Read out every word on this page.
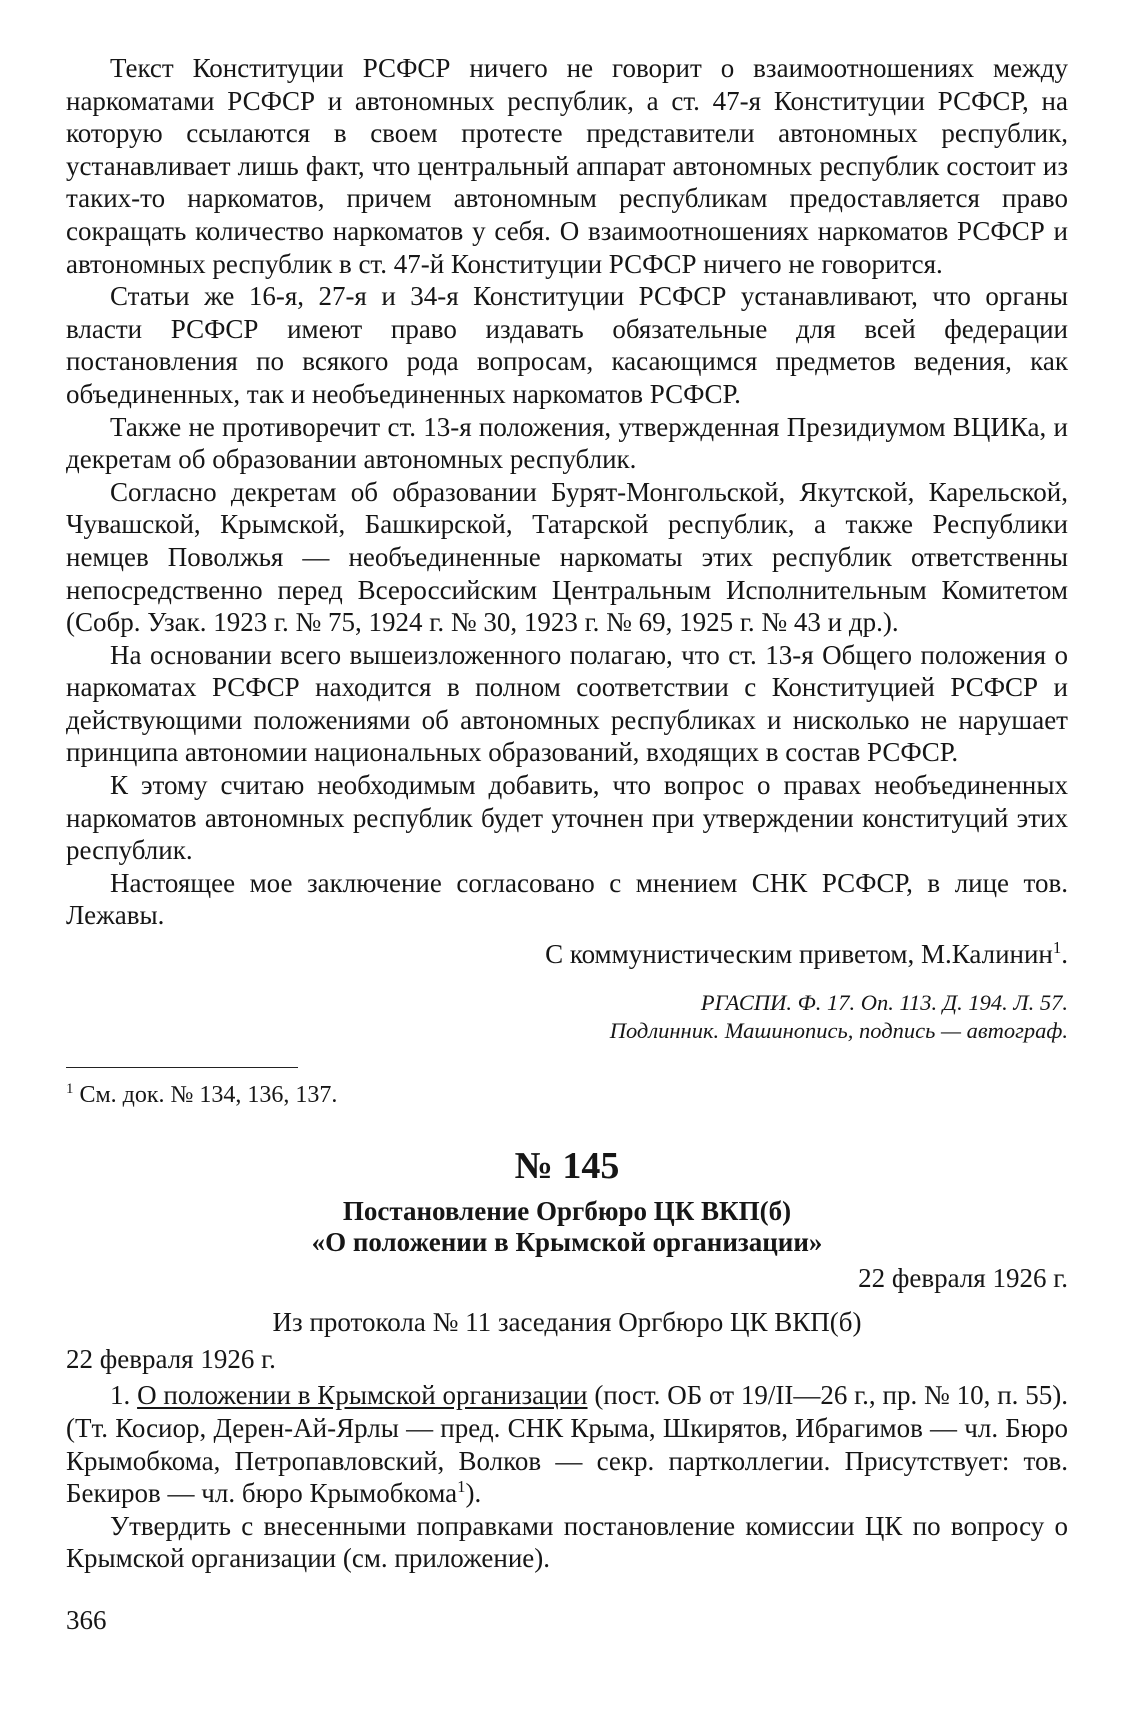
Текст Конституции РСФСР ничего не говорит о взаимоотношениях между наркоматами РСФСР и автономных республик, а ст. 47-я Конституции РСФСР, на которую ссылаются в своем протесте представители автономных республик, устанавливает лишь факт, что центральный аппарат автономных республик состоит из таких-то наркоматов, причем автономным республикам предоставляется право сокращать количество наркоматов у себя. О взаимоотношениях наркоматов РСФСР и автономных республик в ст. 47-й Конституции РСФСР ничего не говорится.

Статьи же 16-я, 27-я и 34-я Конституции РСФСР устанавливают, что органы власти РСФСР имеют право издавать обязательные для всей федерации постановления по всякого рода вопросам, касающимся предметов ведения, как объединенных, так и необъединенных наркоматов РСФСР.

Также не противоречит ст. 13-я положения, утвержденная Президиумом ВЦИКа, и декретам об образовании автономных республик.

Согласно декретам об образовании Бурят-Монгольской, Якутской, Карельской, Чувашской, Крымской, Башкирской, Татарской республик, а также Республики немцев Поволжья — необъединенные наркоматы этих республик ответственны непосредственно перед Всероссийским Центральным Исполнительным Комитетом (Собр. Узак. 1923 г. № 75, 1924 г. № 30, 1923 г. № 69, 1925 г. № 43 и др.).

На основании всего вышеизложенного полагаю, что ст. 13-я Общего положения о наркоматах РСФСР находится в полном соответствии с Конституцией РСФСР и действующими положениями об автономных республиках и нисколько не нарушает принципа автономии национальных образований, входящих в состав РСФСР.

К этому считаю необходимым добавить, что вопрос о правах необъединенных наркоматов автономных республик будет уточнен при утверждении конституций этих республик.

Настоящее мое заключение согласовано с мнением СНК РСФСР, в лице тов. Лежавы.

С коммунистическим приветом, М.Калинин$^1$.
РГАСПИ. Ф. 17. Оп. 113. Д. 194. Л. 57.
Подлинник. Машинопись, подпись — автограф.
$^1$ См. док. № 134, 136, 137.
№ 145
Постановление Оргбюро ЦК ВКП(б)
«О положении в Крымской организации»
22 февраля 1926 г.
Из протокола № 11 заседания Оргбюро ЦК ВКП(б)
22 февраля 1926 г.

1. О положении в Крымской организации (пост. ОБ от 19/II—26 г., пр. № 10, п. 55). (Тт. Косиор, Дерен-Ай-Ярлы — пред. СНК Крыма, Шкирятов, Ибрагимов — чл. Бюро Крымобкома, Петропавловский, Волков — секр. партколлегии. Присутствует: тов. Бекиров — чл. бюро Крымобкома$^1$).

Утвердить с внесенными поправками постановление комиссии ЦК по вопросу о Крымской организации (см. приложение).

366
